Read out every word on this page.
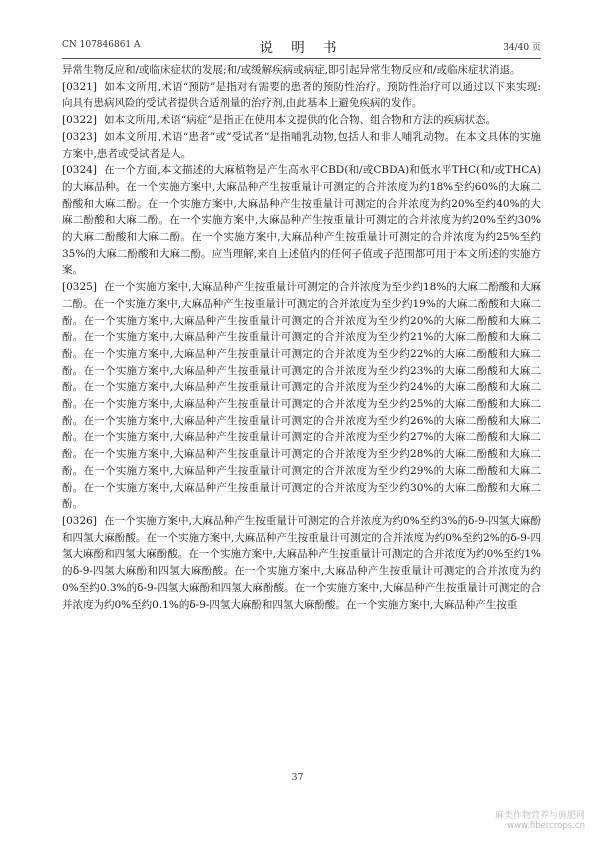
CN 107846861 A	说 明 书	34/40 页

异常生物反应和/或临床症状的发展;和/或缓解疾病或病症,即引起异常生物反应和/或临床症状消退。

[0321] 如本文所用,术语“预防”是指对有需要的患者的预防性治疗。预防性治疗可以通过以下来实现:向具有患病风险的受试者提供合适剂量的治疗剂,由此基本上避免疾病的发作。

[0322] 如本文所用,术语“病症”是指正在使用本文提供的化合物、组合物和方法的疾病状态。

[0323] 如本文所用,术语“患者”或“受试者”是指哺乳动物,包括人和非人哺乳动物。在本文具体的实施方案中,患者或受试者是人。

[0324] 在一个方面,本文描述的大麻植物是产生高水平CBD(和/或CBDA)和低水平THC(和/或THCA)的大麻品种。在一个实施方案中,大麻品种产生按重量计可测定的合并浓度为约18%至约60%的大麻二酚酸和大麻二酚。在一个实施方案中,大麻品种产生按重量计可测定的合并浓度为约20%至约40%的大麻二酚酸和大麻二酚。在一个实施方案中,大麻品种产生按重量计可测定的合并浓度为约20%至约30%的大麻二酚酸和大麻二酚。在一个实施方案中,大麻品种产生按重量计可测定的合并浓度为约25%至约35%的大麻二酚酸和大麻二酚。应当理解,来自上述值内的任何子值或子范围都可用于本文所述的实施方案。

[0325] 在一个实施方案中,大麻品种产生按重量计可测定的合并浓度为至少约18%的大麻二酚酸和大麻二酚。在一个实施方案中,大麻品种产生按重量计可测定的合并浓度为至少约19%的大麻二酚酸和大麻二酚。在一个实施方案中,大麻品种产生按重量计可测定的合并浓度为至少约20%的大麻二酚酸和大麻二酚。在一个实施方案中,大麻品种产生按重量计可测定的合并浓度为至少约21%的大麻二酚酸和大麻二酚。在一个实施方案中,大麻品种产生按重量计可测定的合并浓度为至少约22%的大麻二酚酸和大麻二酚。在一个实施方案中,大麻品种产生按重量计可测定的合并浓度为至少约23%的大麻二酚酸和大麻二酚。在一个实施方案中,大麻品种产生按重量计可测定的合并浓度为至少约24%的大麻二酚酸和大麻二酚。在一个实施方案中,大麻品种产生按重量计可测定的合并浓度为至少约25%的大麻二酚酸和大麻二酚。在一个实施方案中,大麻品种产生按重量计可测定的合并浓度为至少约26%的大麻二酚酸和大麻二酚。在一个实施方案中,大麻品种产生按重量计可测定的合并浓度为至少约27%的大麻二酚酸和大麻二酚。在一个实施方案中,大麻品种产生按重量计可测定的合并浓度为至少约28%的大麻二酚酸和大麻二酚。在一个实施方案中,大麻品种产生按重量计可测定的合并浓度为至少约29%的大麻二酚酸和大麻二酚。在一个实施方案中,大麻品种产生按重量计可测定的合并浓度为至少约30%的大麻二酚酸和大麻二酚。

[0326] 在一个实施方案中,大麻品种产生按重量计可测定的合并浓度为约0%至约3%的δ-9-四氢大麻酚和四氢大麻酚酸。在一个实施方案中,大麻品种产生按重量计可测定的合并浓度为约0%至约2%的δ-9-四氢大麻酚和四氢大麻酚酸。在一个实施方案中,大麻品种产生按重量计可测定的合并浓度为约0%至约1%的δ-9-四氢大麻酚和四氢大麻酚酸。在一个实施方案中,大麻品种产生按重量计可测定的合并浓度为约0%至约0.3%的δ-9-四氢大麻酚和四氢大麻酚酸。在一个实施方案中,大麻品种产生按重量计可测定的合并浓度为约0%至约0.1%的δ-9-四氢大麻酚和四氢大麻酚酸。在一个实施方案中,大麻品种产生按重

37
麻类作物营养与施肥网
www.fibercrops.cn
